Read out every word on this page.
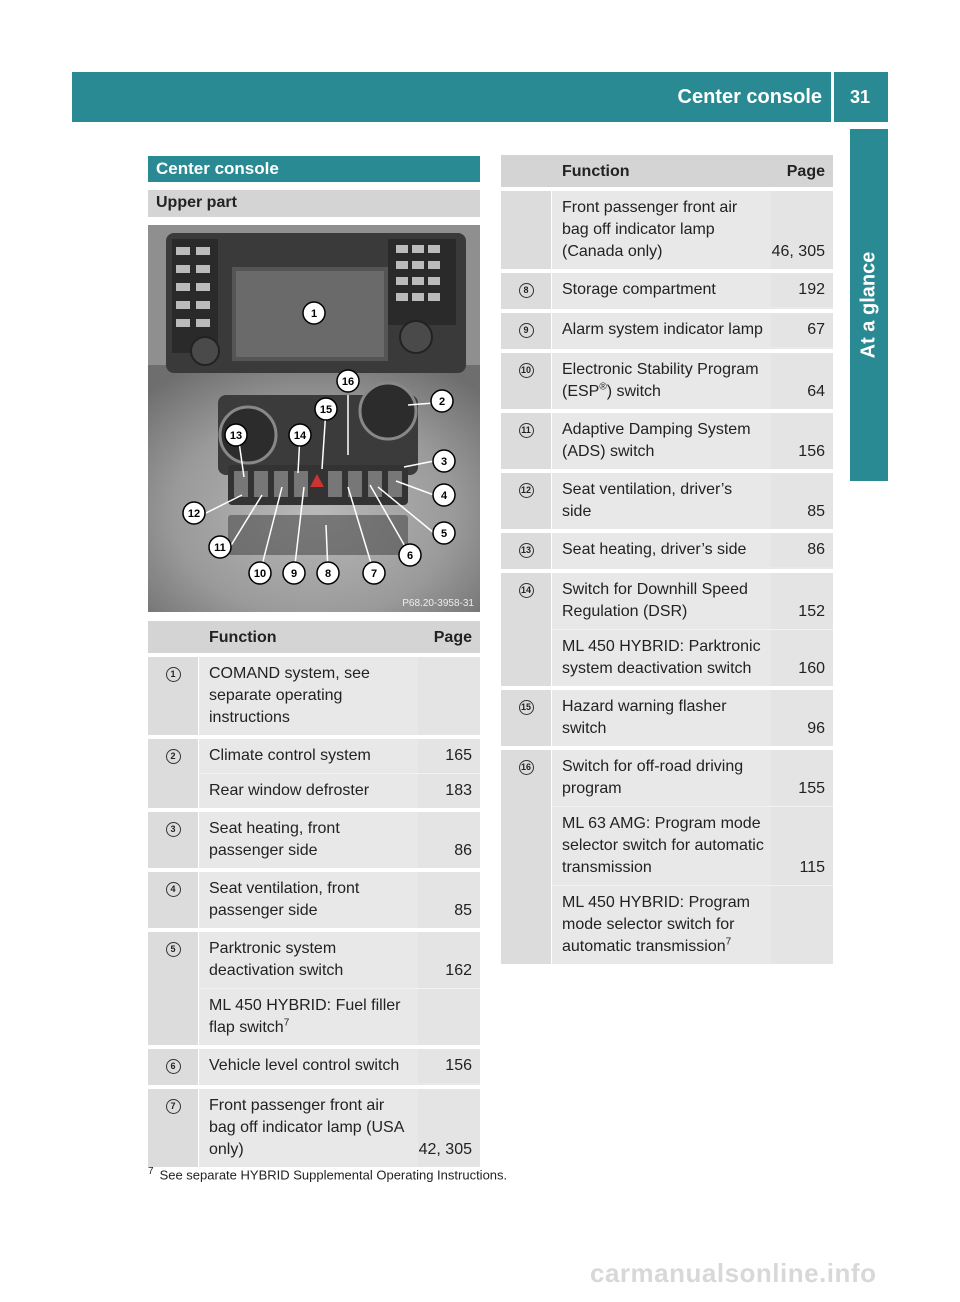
Center console 31
At a glance
Center console
Upper part
1
16
2
15
13	14
3
4
12
5
11
6
10 9	8	7
P68.20-3958-31
Function	Page
1	COMAND system, see separate operating instructions
2	Climate control system	165
Rear window defroster	183
3	Seat heating, front passenger side	86
4	Seat ventilation, front passenger side	85
5	Parktronic system deactivation switch	162
ML 450 HYBRID: Fuel filler flap switch$^7$
6	Vehicle level control switch	156
7	Front passenger front air bag off indicator lamp (USA only)	42, 305
Function	Page
Front passenger front air bag off indicator lamp (Canada only)	46, 305
8	Storage compartment	192
9	Alarm system indicator lamp	67
10	Electronic Stability Program (ESP®) switch	64
11	Adaptive Damping System (ADS) switch	156
12	Seat ventilation, driver’s side	85
13	Seat heating, driver’s side	86
14	Switch for Downhill Speed Regulation (DSR)	152
ML 450 HYBRID: Parktronic system deactivation switch	160
15	Hazard warning flasher switch	96
16	Switch for off-road driving program	155
ML 63 AMG: Program mode selector switch for automatic transmission	115
ML 450 HYBRID: Program mode selector switch for automatic transmission$^7$
$^7$ See separate HYBRID Supplemental Operating Instructions.
carmanualsonline.info
